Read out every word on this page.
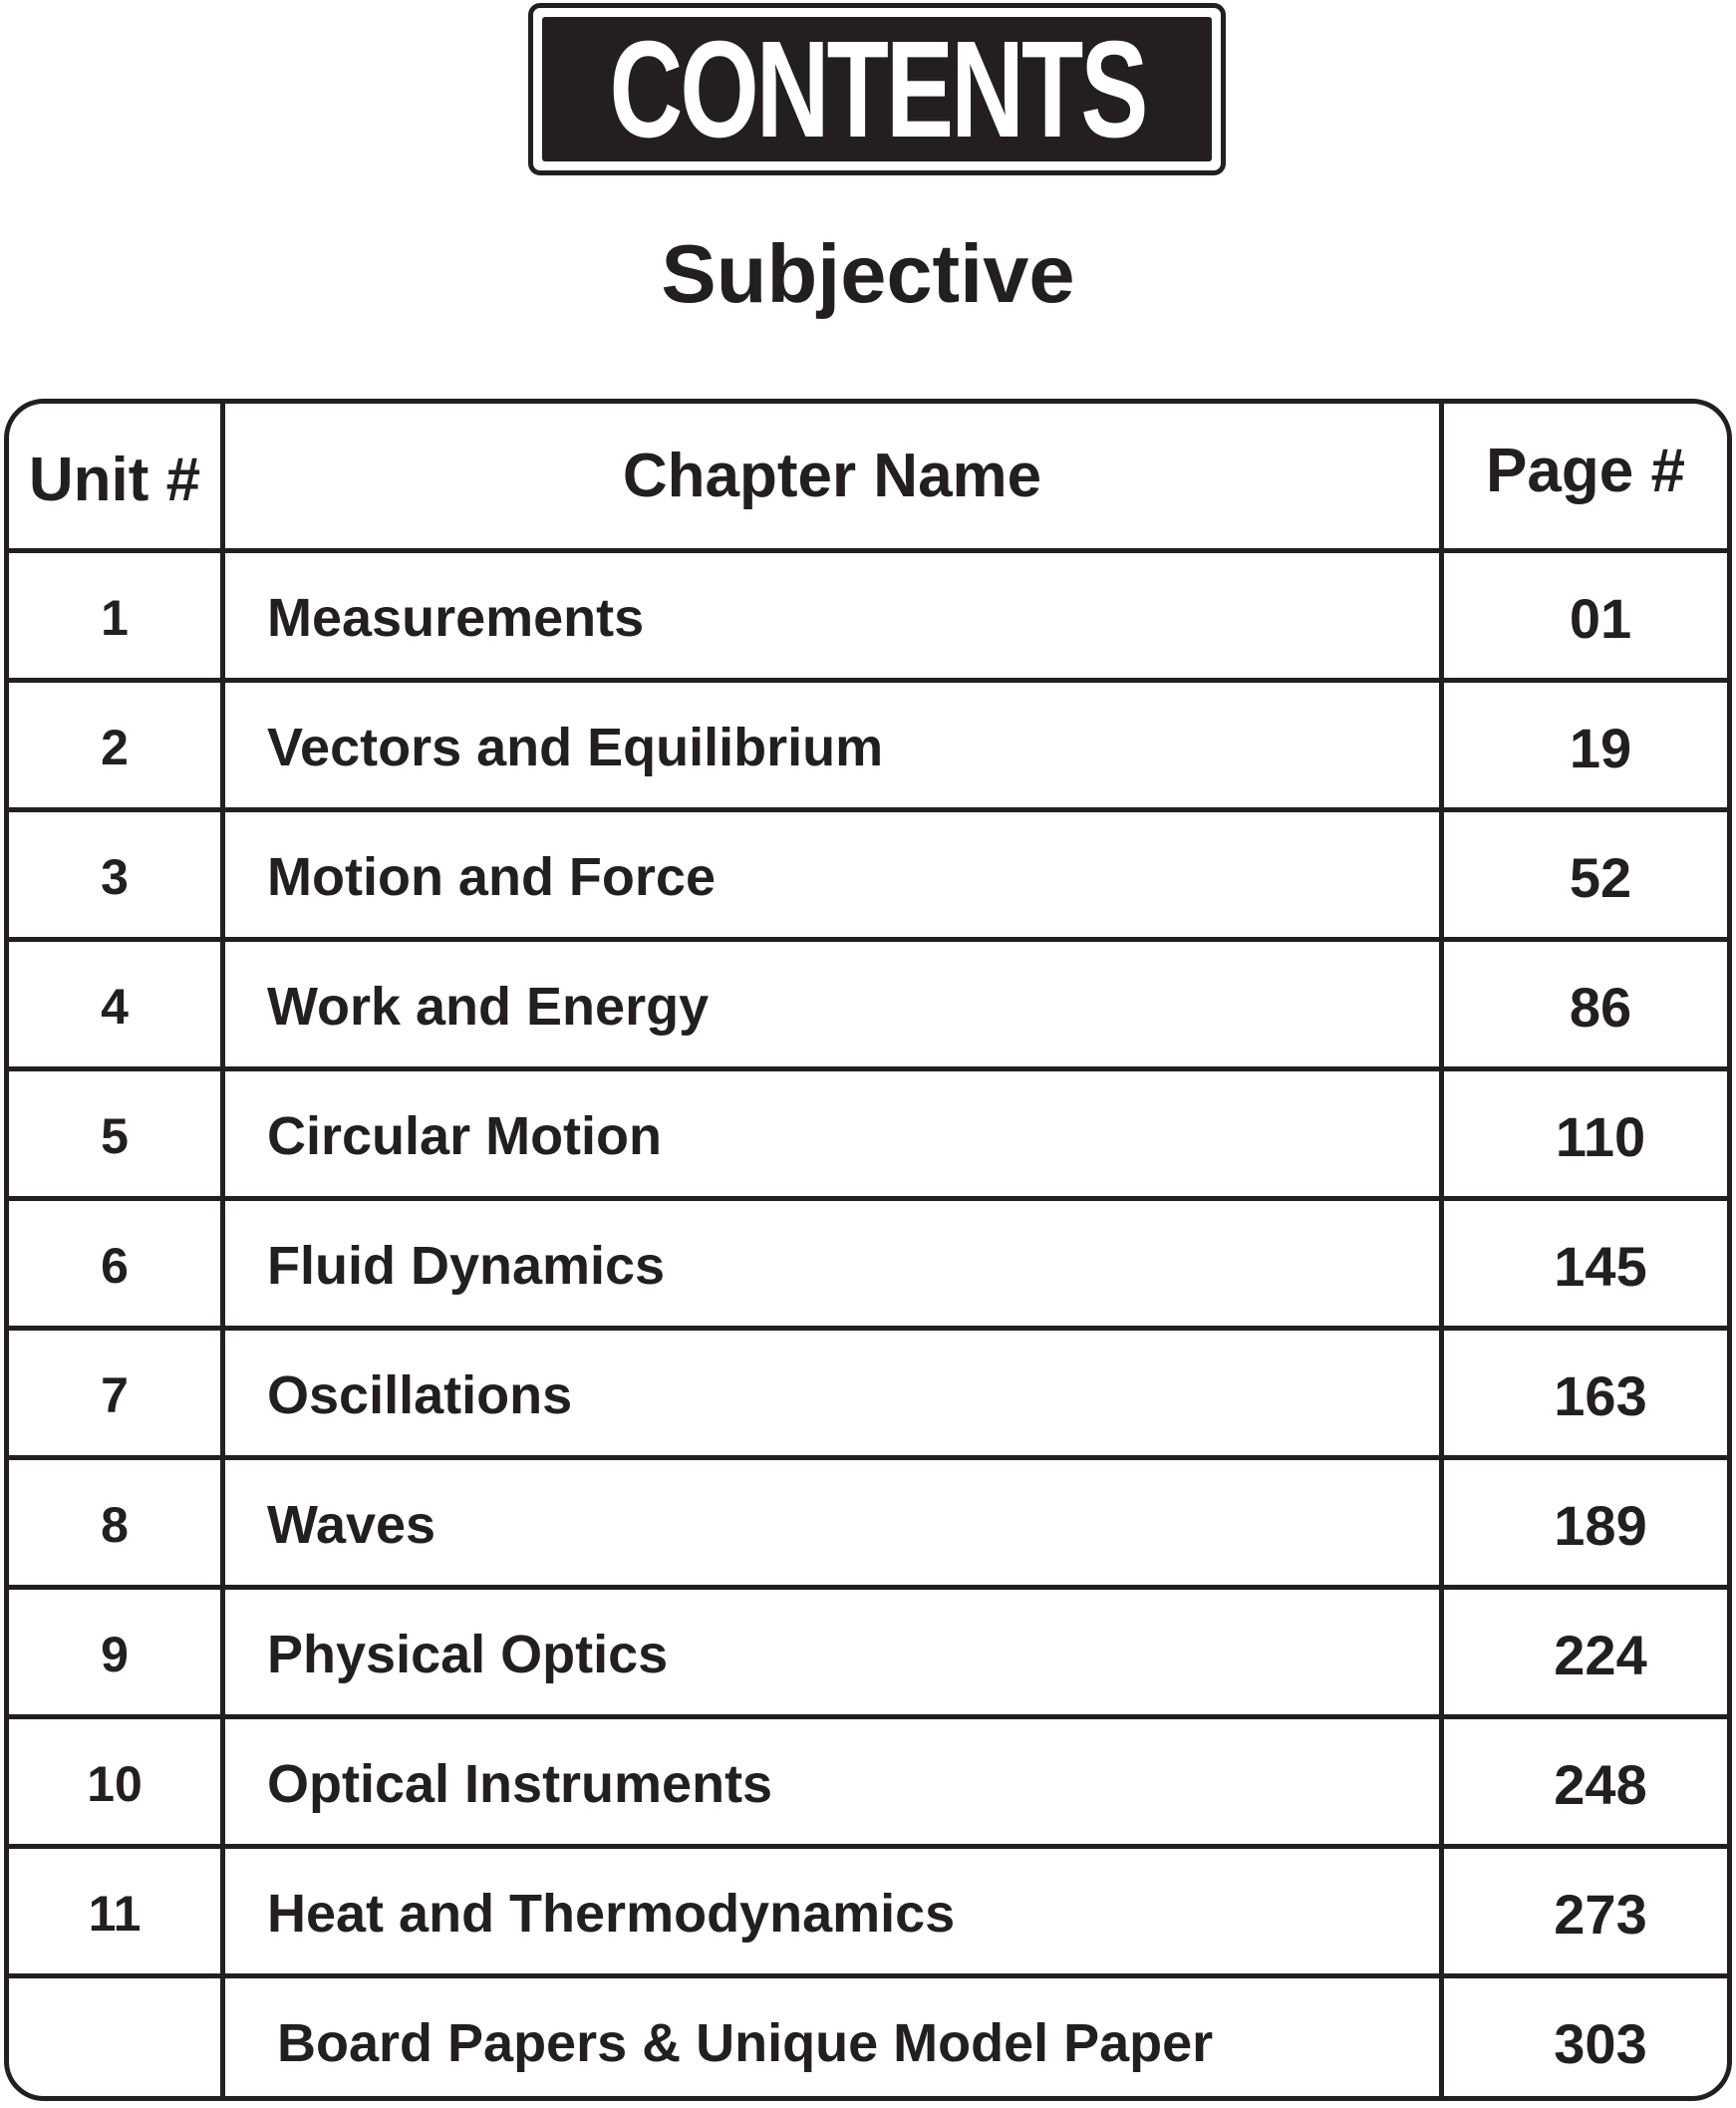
CONTENTS
Subjective
Unit #	Chapter Name	Page #
1	Measurements	01
2	Vectors and Equilibrium	19
3	Motion and Force	52
4	Work and Energy	86
5	Circular Motion	110
6	Fluid Dynamics	145
7	Oscillations	163
8	Waves	189
9	Physical Optics	224
10	Optical Instruments	248
11	Heat and Thermodynamics	273
Board Papers & Unique Model Paper	303
